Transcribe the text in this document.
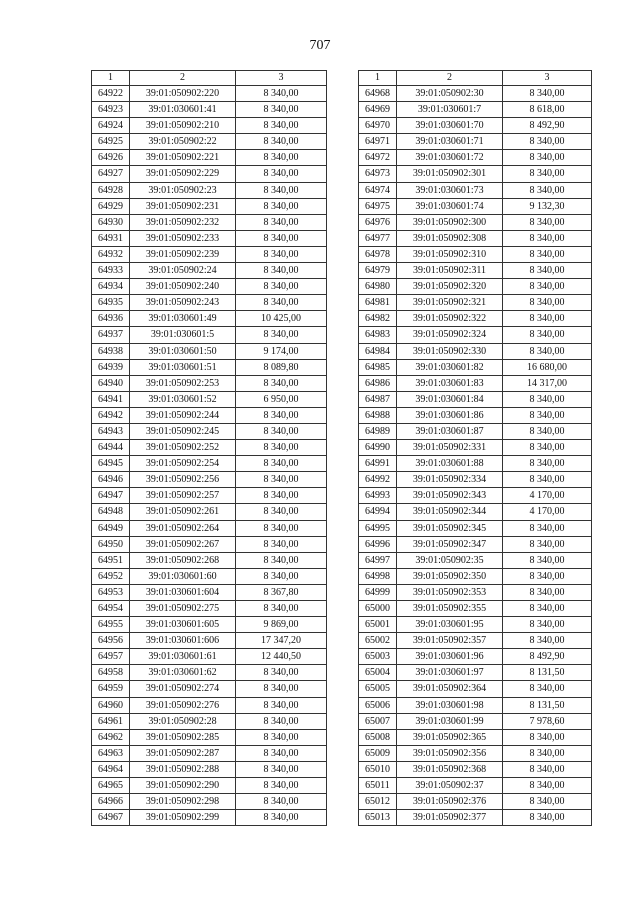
707
1	2	3
64922	39:01:050902:220	8 340,00
64923	39:01:030601:41	8 340,00
64924	39:01:050902:210	8 340,00
64925	39:01:050902:22	8 340,00
64926	39:01:050902:221	8 340,00
64927	39:01:050902:229	8 340,00
64928	39:01:050902:23	8 340,00
64929	39:01:050902:231	8 340,00
64930	39:01:050902:232	8 340,00
64931	39:01:050902:233	8 340,00
64932	39:01:050902:239	8 340,00
64933	39:01:050902:24	8 340,00
64934	39:01:050902:240	8 340,00
64935	39:01:050902:243	8 340,00
64936	39:01:030601:49	10 425,00
64937	39:01:030601:5	8 340,00
64938	39:01:030601:50	9 174,00
64939	39:01:030601:51	8 089,80
64940	39:01:050902:253	8 340,00
64941	39:01:030601:52	6 950,00
64942	39:01:050902:244	8 340,00
64943	39:01:050902:245	8 340,00
64944	39:01:050902:252	8 340,00
64945	39:01:050902:254	8 340,00
64946	39:01:050902:256	8 340,00
64947	39:01:050902:257	8 340,00
64948	39:01:050902:261	8 340,00
64949	39:01:050902:264	8 340,00
64950	39:01:050902:267	8 340,00
64951	39:01:050902:268	8 340,00
64952	39:01:030601:60	8 340,00
64953	39:01:030601:604	8 367,80
64954	39:01:050902:275	8 340,00
64955	39:01:030601:605	9 869,00
64956	39:01:030601:606	17 347,20
64957	39:01:030601:61	12 440,50
64958	39:01:030601:62	8 340,00
64959	39:01:050902:274	8 340,00
64960	39:01:050902:276	8 340,00
64961	39:01:050902:28	8 340,00
64962	39:01:050902:285	8 340,00
64963	39:01:050902:287	8 340,00
64964	39:01:050902:288	8 340,00
64965	39:01:050902:290	8 340,00
64966	39:01:050902:298	8 340,00
64967	39:01:050902:299	8 340,00
1	2	3
64968	39:01:050902:30	8 340,00
64969	39:01:030601:7	8 618,00
64970	39:01:030601:70	8 492,90
64971	39:01:030601:71	8 340,00
64972	39:01:030601:72	8 340,00
64973	39:01:050902:301	8 340,00
64974	39:01:030601:73	8 340,00
64975	39:01:030601:74	9 132,30
64976	39:01:050902:300	8 340,00
64977	39:01:050902:308	8 340,00
64978	39:01:050902:310	8 340,00
64979	39:01:050902:311	8 340,00
64980	39:01:050902:320	8 340,00
64981	39:01:050902:321	8 340,00
64982	39:01:050902:322	8 340,00
64983	39:01:050902:324	8 340,00
64984	39:01:050902:330	8 340,00
64985	39:01:030601:82	16 680,00
64986	39:01:030601:83	14 317,00
64987	39:01:030601:84	8 340,00
64988	39:01:030601:86	8 340,00
64989	39:01:030601:87	8 340,00
64990	39:01:050902:331	8 340,00
64991	39:01:030601:88	8 340,00
64992	39:01:050902:334	8 340,00
64993	39:01:050902:343	4 170,00
64994	39:01:050902:344	4 170,00
64995	39:01:050902:345	8 340,00
64996	39:01:050902:347	8 340,00
64997	39:01:050902:35	8 340,00
64998	39:01:050902:350	8 340,00
64999	39:01:050902:353	8 340,00
65000	39:01:050902:355	8 340,00
65001	39:01:030601:95	8 340,00
65002	39:01:050902:357	8 340,00
65003	39:01:030601:96	8 492,90
65004	39:01:030601:97	8 131,50
65005	39:01:050902:364	8 340,00
65006	39:01:030601:98	8 131,50
65007	39:01:030601:99	7 978,60
65008	39:01:050902:365	8 340,00
65009	39:01:050902:356	8 340,00
65010	39:01:050902:368	8 340,00
65011	39:01:050902:37	8 340,00
65012	39:01:050902:376	8 340,00
65013	39:01:050902:377	8 340,00
